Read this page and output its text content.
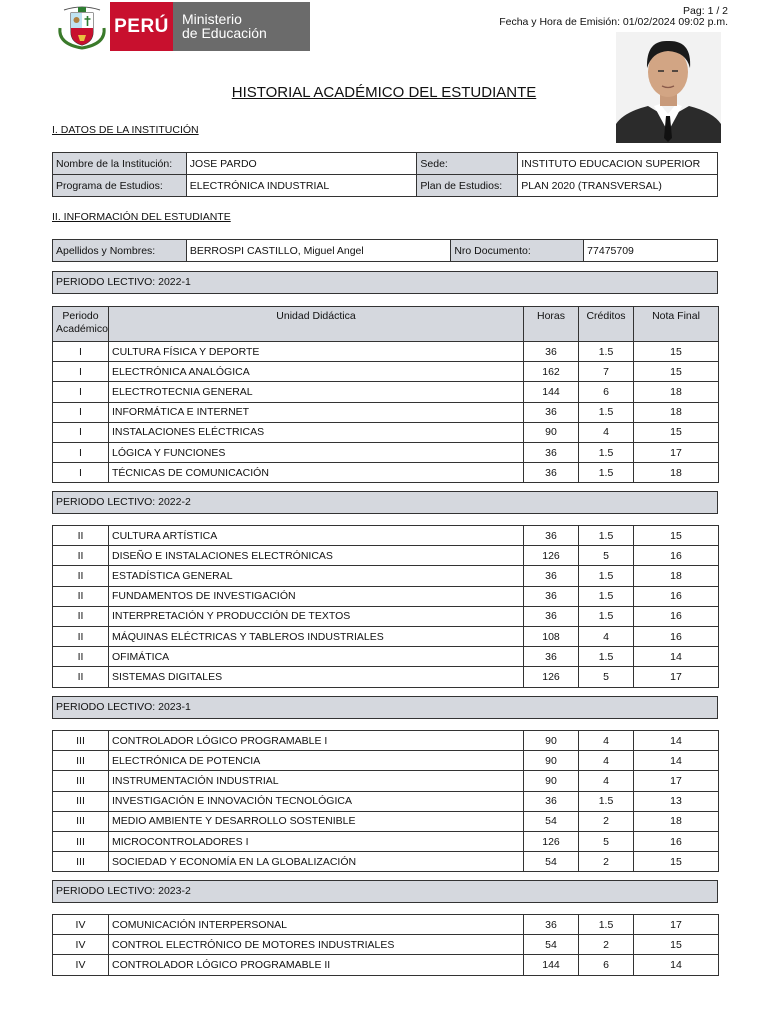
PERÚ Ministerio
de Educación
Pag: 1 / 2
Fecha y Hora de Emisión: 01/02/2024 09:02 p.m.
HISTORIAL ACADÉMICO DEL ESTUDIANTE
I. DATOS DE LA INSTITUCIÓN
Nombre de la Institución:	JOSE PARDO	Sede:	INSTITUTO EDUCACION SUPERIOR
Programa de Estudios:	ELECTRÓNICA INDUSTRIAL	Plan de Estudios:	PLAN 2020 (TRANSVERSAL)
II. INFORMACIÓN DEL ESTUDIANTE
Apellidos y Nombres:	BERROSPI CASTILLO, Miguel Angel	Nro Documento:	77475709
PERIODO LECTIVO: 2022-1
Periodo
Académico	Unidad Didáctica	Horas	Créditos	Nota Final
I	CULTURA FÍSICA Y DEPORTE	36	1.5	15
I	ELECTRÓNICA ANALÓGICA	162	7	15
I	ELECTROTECNIA GENERAL	144	6	18
I	INFORMÁTICA E INTERNET	36	1.5	18
I	INSTALACIONES ELÉCTRICAS	90	4	15
I	LÓGICA Y FUNCIONES	36	1.5	17
I	TÉCNICAS DE COMUNICACIÓN	36	1.5	18
PERIODO LECTIVO: 2022-2
II	CULTURA ARTÍSTICA	36	1.5	15
II	DISEÑO E INSTALACIONES ELECTRÓNICAS	126	5	16
II	ESTADÍSTICA GENERAL	36	1.5	18
II	FUNDAMENTOS DE INVESTIGACIÓN	36	1.5	16
II	INTERPRETACIÓN Y PRODUCCIÓN DE TEXTOS	36	1.5	16
II	MÁQUINAS ELÉCTRICAS Y TABLEROS INDUSTRIALES	108	4	16
II	OFIMÁTICA	36	1.5	14
II	SISTEMAS DIGITALES	126	5	17
PERIODO LECTIVO: 2023-1
III	CONTROLADOR LÓGICO PROGRAMABLE I	90	4	14
III	ELECTRÓNICA DE POTENCIA	90	4	14
III	INSTRUMENTACIÓN INDUSTRIAL	90	4	17
III	INVESTIGACIÓN E INNOVACIÓN TECNOLÓGICA	36	1.5	13
III	MEDIO AMBIENTE Y DESARROLLO SOSTENIBLE	54	2	18
III	MICROCONTROLADORES I	126	5	16
III	SOCIEDAD Y ECONOMÍA EN LA GLOBALIZACIÓN	54	2	15
PERIODO LECTIVO: 2023-2
IV	COMUNICACIÓN INTERPERSONAL	36	1.5	17
IV	CONTROL ELECTRÓNICO DE MOTORES INDUSTRIALES	54	2	15
IV	CONTROLADOR LÓGICO PROGRAMABLE II	144	6	14
